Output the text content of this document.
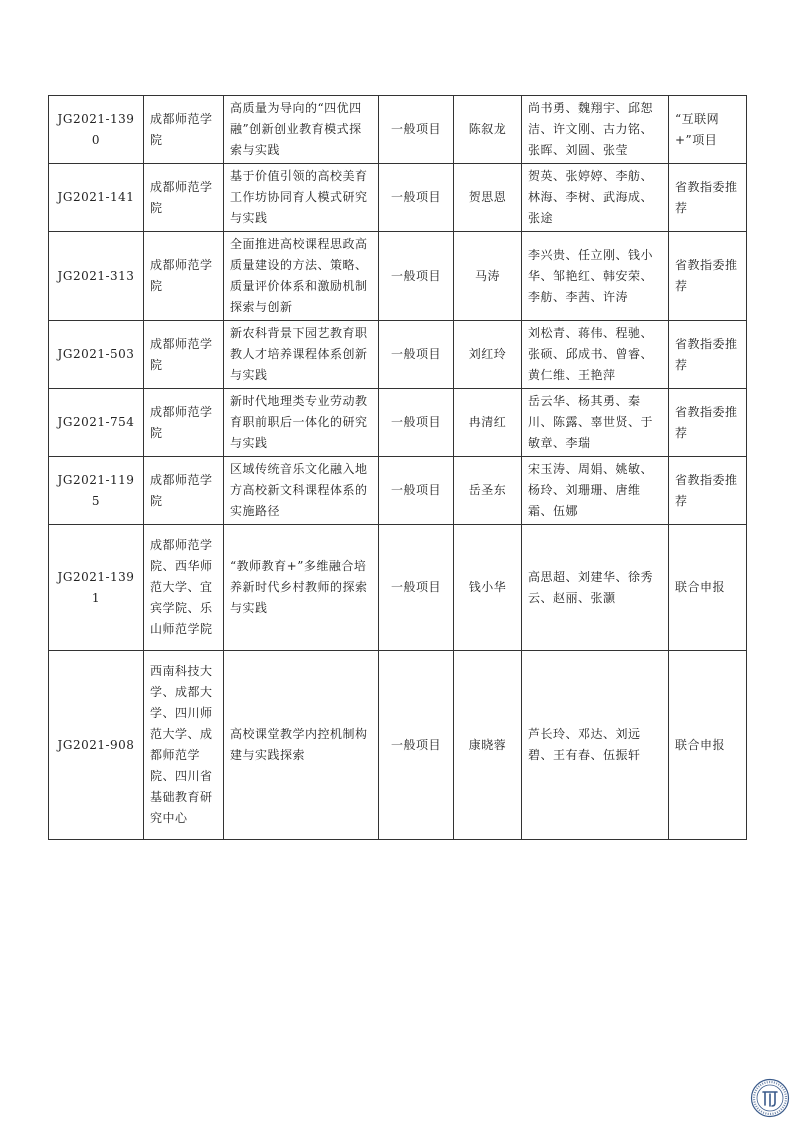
JG2021-1390	成都师范学院	高质量为导向的“四优四融”创新创业教育模式探索与实践	一般项目	陈叙龙	尚书勇、魏翔宇、邱恕洁、许文刚、古力铭、张晖、刘圆、张莹	“互联网+”项目
JG2021-141	成都师范学院	基于价值引领的高校美育工作坊协同育人模式研究与实践	一般项目	贺思恩	贺英、张婷婷、李舫、林海、李树、武海成、张途	省教指委推荐
JG2021-313	成都师范学院	全面推进高校课程思政高质量建设的方法、策略、质量评价体系和激励机制探索与创新	一般项目	马涛	李兴贵、任立刚、钱小华、邹艳红、韩安荣、李舫、李茜、许涛	省教指委推荐
JG2021-503	成都师范学院	新农科背景下园艺教育职教人才培养课程体系创新与实践	一般项目	刘红玲	刘松青、蒋伟、程驰、张硕、邱成书、曾睿、黄仁维、王艳萍	省教指委推荐
JG2021-754	成都师范学院	新时代地理类专业劳动教育职前职后一体化的研究与实践	一般项目	冉清红	岳云华、杨其勇、秦川、陈露、辜世贤、于敏章、李瑞	省教指委推荐
JG2021-1195	成都师范学院	区域传统音乐文化融入地方高校新文科课程体系的实施路径	一般项目	岳圣东	宋玉涛、周娟、姚敏、杨玲、刘珊珊、唐维霜、伍娜	省教指委推荐
JG2021-1391	成都师范学院、西华师范大学、宜宾学院、乐山师范学院	“教师教育+”多维融合培养新时代乡村教师的探索与实践	一般项目	钱小华	高思超、刘建华、徐秀云、赵丽、张灏	联合申报
JG2021-908	西南科技大学、成都大学、四川师范大学、成都师范学院、四川省基础教育研究中心	高校课堂教学内控机制构建与实践探索	一般项目	康晓蓉	芦长玲、邓达、刘远碧、王有春、伍振轩	联合申报
